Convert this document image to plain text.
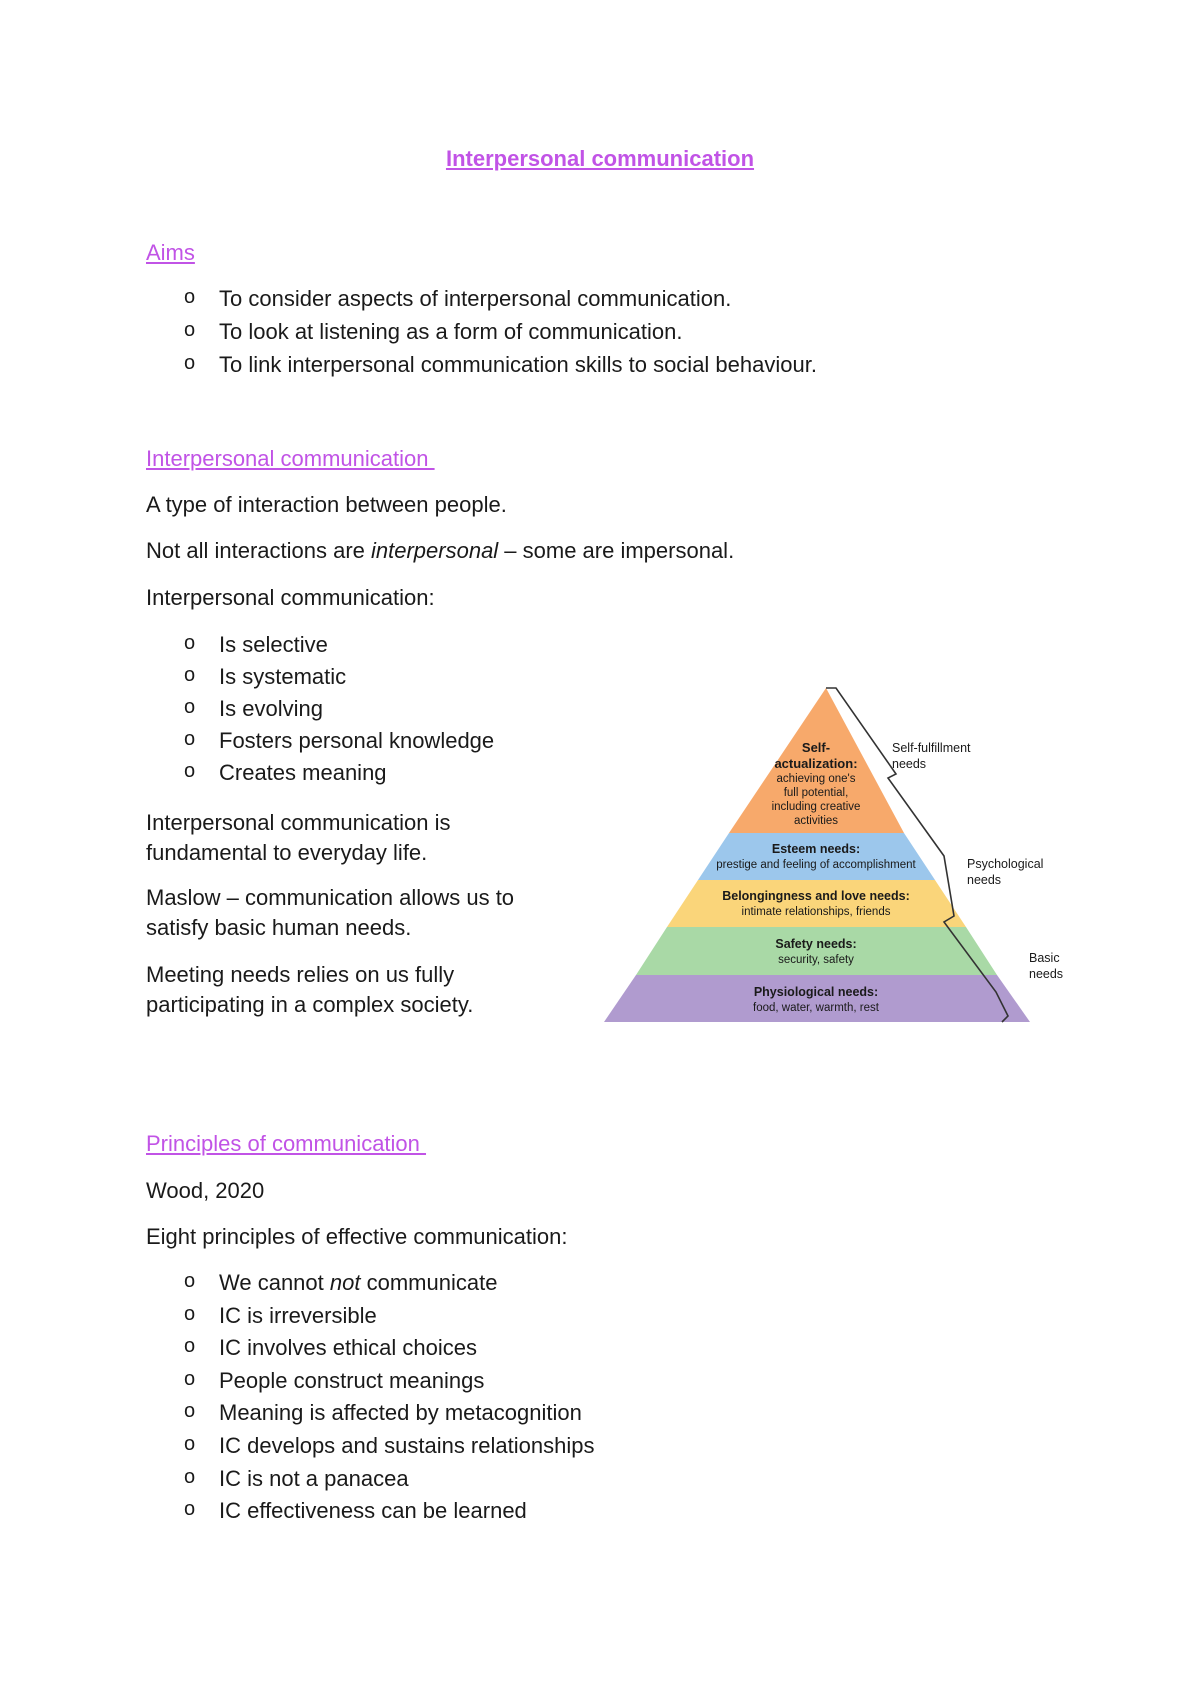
Interpersonal communication
Aims
o To consider aspects of interpersonal communication.
o To look at listening as a form of communication.
o To link interpersonal communication skills to social behaviour.
Interpersonal communication
A type of interaction between people.
Not all interactions are interpersonal – some are impersonal.
Interpersonal communication:
o Is selective
o Is systematic
o Is evolving
o Fosters personal knowledge
o Creates meaning
Interpersonal communication is
fundamental to everyday life.
Maslow – communication allows us to
satisfy basic human needs.
Meeting needs relies on us fully
participating in a complex society.
Self-
actualization:
achieving one's
full potential,
including creative
activities
Esteem needs:
prestige and feeling of accomplishment
Belongingness and love needs:
intimate relationships, friends
Safety needs:
security, safety
Physiological needs:
food, water, warmth, rest
Self-fulfillment
needs
Psychological
needs
Basic
needs
Principles of communication
Wood, 2020
Eight principles of effective communication:
o We cannot not communicate
o IC is irreversible
o IC involves ethical choices
o People construct meanings
o Meaning is affected by metacognition
o IC develops and sustains relationships
o IC is not a panacea
o IC effectiveness can be learned
